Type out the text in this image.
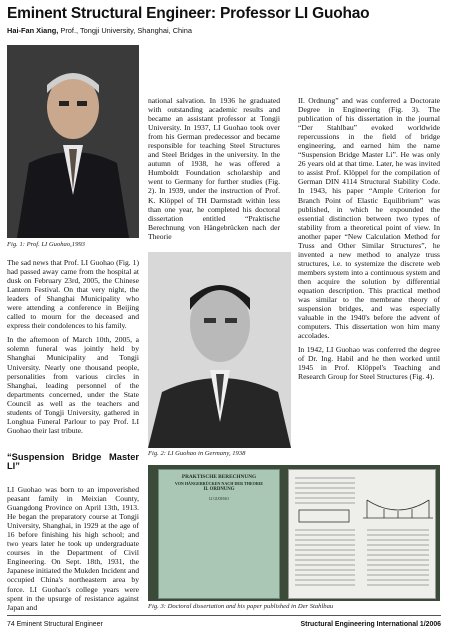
Eminent Structural Engineer: Professor LI Guohao
Hai-Fan Xiang, Prof., Tongji University, Shanghai, China

Fig. 1: Prof. LI Guohao,1993

The sad news that Prof. LI Guohao (Fig. 1) had passed away came from the hospital at dusk on February 23rd, 2005, the Chinese Lantern Festival. On that very night, the leaders of Shanghai Municipality who were attending a conference in Beijing called to mourn for the deceased and express their condolences to his family.

In the afternoon of March 10th, 2005, a solemn funeral was jointly held by Shanghai Municipality and Tongji University. Nearly one thousand people, personalities from various circles in Shanghai, leading personnel of the departments concerned, under the State Council as well as the teachers and students of Tongji University, gathered in Longhua Funeral Parlour to pay Prof. LI Guohao their last tribute.

“Suspension Bridge Master LI”

LI Guohao was born to an impoverished peasant family in Meixian County, Guangdong Province on April 13th, 1913. He began the preparatory course at Tongji University, Shanghai, in 1929 at the age of 16 before finishing his high school; and two years later he took up undergraduate courses in the Department of Civil Engineering. On Sept. 18th, 1931, the Japanese initiated the Mukden Incident and occupied China's northeastern area by force. LI Guohao's college years were spent in the upsurge of resistance against Japan and

national salvation. In 1936 he graduated with outstanding academic results and became an assistant professor at Tongji University. In 1937, LI Guohao took over from his German predecessor and became responsible for teaching Steel Structures and Steel Bridges in the university. In the autumn of 1938, he was offered a Humboldt Foundation scholarship and went to Germany for further studies (Fig. 2). In 1939, under the instruction of Prof. K. Klöppel of TH Darmstadt within less than one year, he completed his doctoral dissertation entitled “Praktische Berechnung von Hängebrücken nach der Theorie

Fig. 2: LI Guohao in Germany, 1938

II. Ordnung” and was conferred a Doctorate Degree in Engineering (Fig. 3). The publication of his dissertation in the journal “Der Stahlbau” evoked worldwide repercussions in the field of bridge engineering, and earned him the name “Suspension Bridge Master Li”. He was only 26 years old at that time. Later, he was invited to assist Prof. Klöppel for the compilation of German DIN 4114 Structural Stability Code. In 1943, his paper “Ample Criterion for Branch Point of Elastic Equilibrium” was published, in which he expounded the essential distinction between two types of stability from a theoretical point of view. In another paper “New Calculation Method for Truss and Other Similar Structures”, he invented a new method to analyze truss structures, i.e. to systemize the discrete web members system into a continuous system and then acquire the solution by differential equation description. This practical method was similar to the membrane theory of suspension bridges, and was especially valuable in the 1940's before the advent of computers. This dissertation won him many accolades.

In 1942, LI Guohao was conferred the degree of Dr. Ing. Habil and he then worked until 1945 in Prof. Klöppel's Teaching and Research Group for Steel Structures (Fig. 4).

PRAKTISCHE BERECHNUNG
VON HÄNGEBRÜCKEN NACH DER THEORIE
II. ORDNUNG
LI GUOHAO
Fig. 3: Doctoral dissertation and his paper published in Der Stahlbau
74 Eminent Structural Engineer	Structural Engineering International 1/2006
